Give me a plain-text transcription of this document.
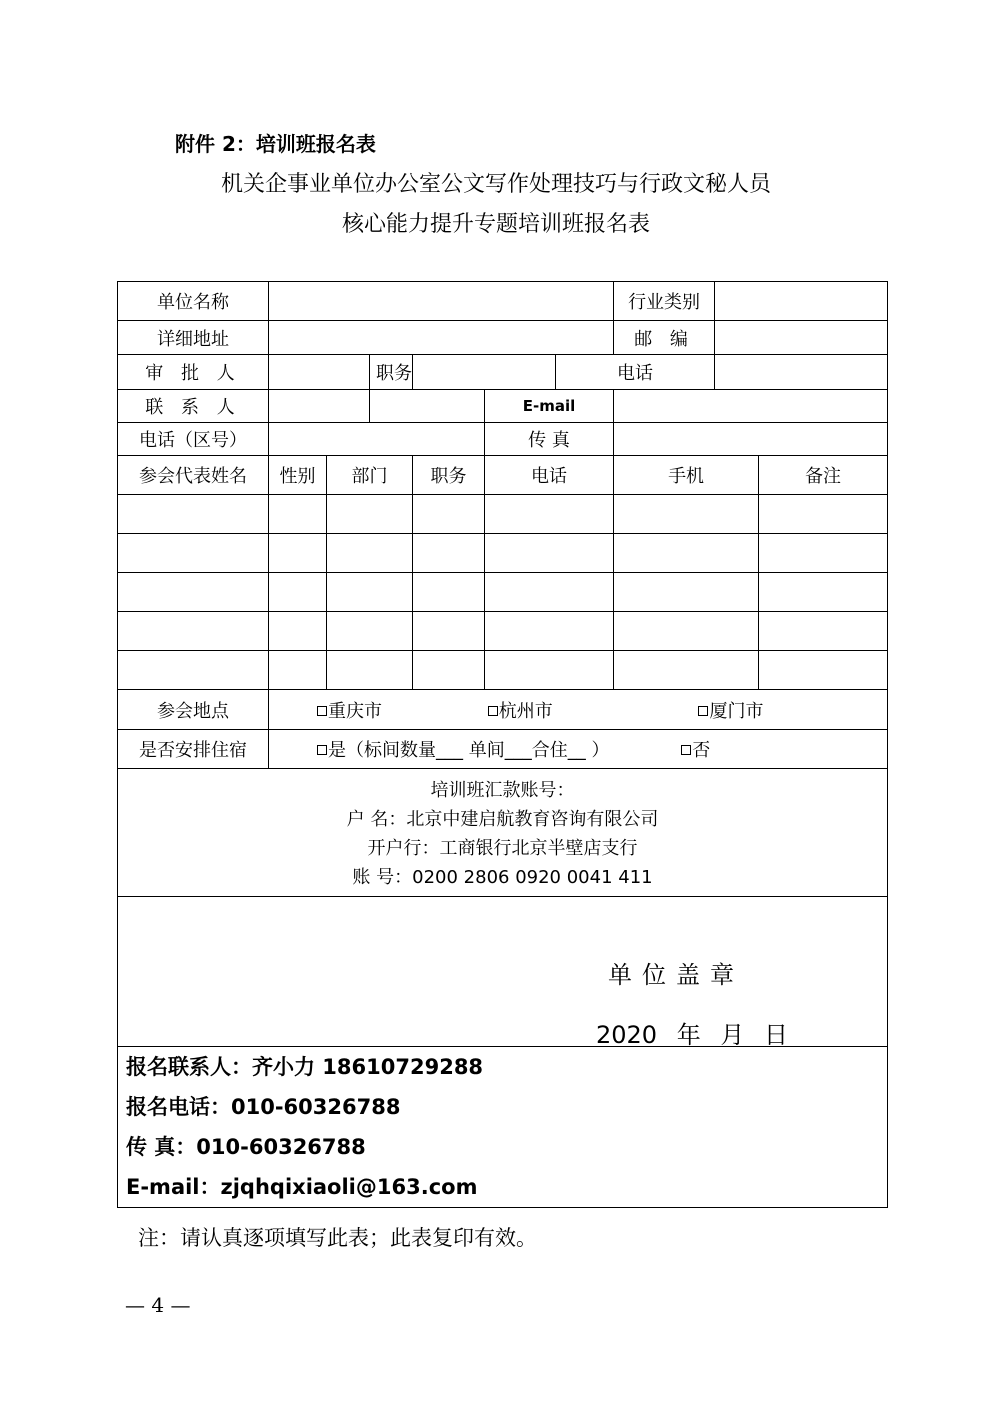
附件 2：培训班报名表
机关企事业单位办公室公文写作处理技巧与行政文秘人员
核心能力提升专题培训班报名表
单位名称							行业类别		
详细地址							邮 编		
审 批 人			职务			电话			
联 系 人					E-mail				
电话（区号）					传 真				
参会代表姓名	性别	部门		职务	电话		手机		备注

参会地点	重庆市 杭州市 厦门市								
是否安排住宿	是（标间数量___ 单间___合住__ ） 否								

培训班汇款账号：
户 名：北京中建启航教育咨询有限公司
开户行：工商银行北京半壁店支行
账 号：0200 2806 0920 0041 411									

单位盖章
2020 年 月 日									

报名联系人：齐小力 18610729288
报名电话：010-60326788
传 真：010-60326788
E-mail：zjqhqixiaoli@163.com									
注：请认真逐项填写此表；此表复印有效。
— 4 —
